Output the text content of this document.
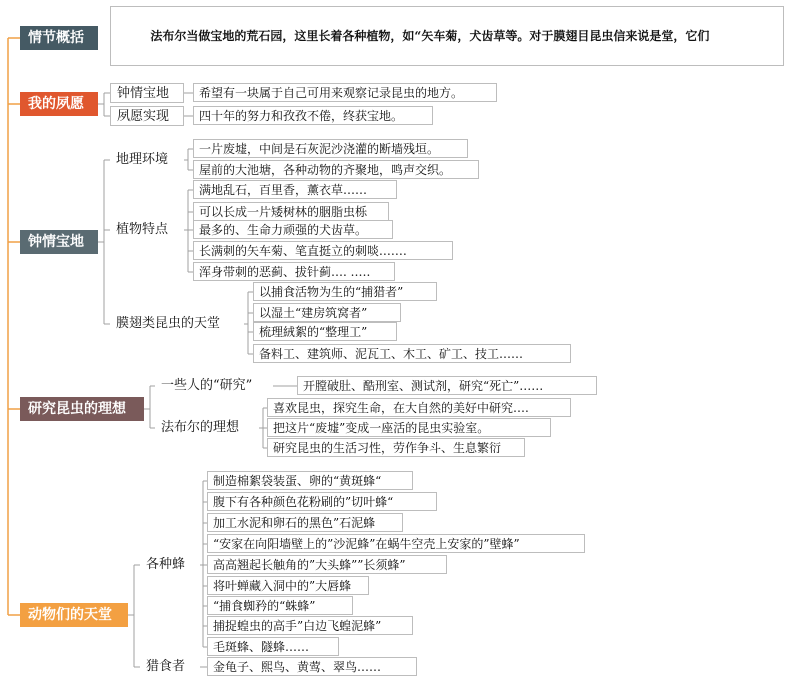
情节概括	法布尔当做宝地的荒石园，这里长着各种植物，如“矢车菊，犬齿草等。对于膜翅目昆虫信来说是堂，它们

我的夙愿
钟情宝地	希望有一块属于自己可用来观察记录昆虫的地方。
夙愿实现	四十年的努力和孜孜不倦，终获宝地。
钟情宝地
地理环境
一片废墟，中间是石灰泥沙浇灌的断墙残垣。
屋前的大池塘，各种动物的齐聚地，鸣声交织。
植物特点
满地乱石，百里香，薰衣草……
可以长成一片矮树林的胭脂虫栎
最多的、生命力顽强的犬齿草。
长满刺的矢车菊、笔直挺立的刺啖.……
浑身带刺的恶蓟、拔针蓟…. .….
膜翅类昆虫的天堂
以捕食活物为生的“捕猎者”
以湿土“建房筑窝者”
梳理絨絮的“整理工”
备料工、建筑师、泥瓦工、木工、矿工、技工……
研究昆虫的理想
一些人的“研究”	开膛破肚、酷刑室、测试剂，研究“死亡”……
法布尔的理想
喜欢昆虫，探究生命，在大自然的美好中研究….
把这片“废墟”变成一座活的昆虫实验室。
研究昆虫的生活习性，劳作争斗、生息繁衍
动物们的天堂
各种蜂
制造棉絮袋装蛋、卵的“黄斑蜂“
腹下有各种颜色花粉刷的”切叶蜂“
加工水泥和卵石的黑色”石泥蜂
“安家在向阳墙壁上的”沙泥蜂”在蜗牛空壳上安家的”壁蜂”
高高翘起长触角的”大头蜂””长须蜂”
将叶蝉藏入洞中的”大唇蜂
“捕食蜘矜的“蛛蜂”
捕捉蝗虫的高手”白边飞蝗泥蜂”
毛斑蜂、隧蜂……
猎食者	金龟子、熙鸟、黄莺、翠鸟……
